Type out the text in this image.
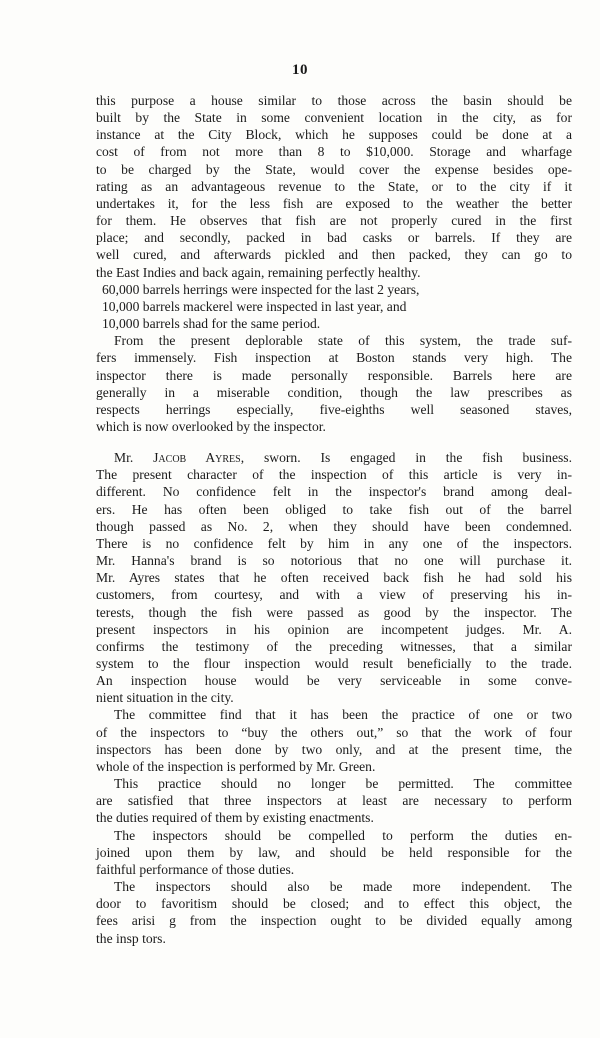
10
this purpose a house similar to those across the basin should be
built by the State in some convenient location in the city, as for
instance at the City Block, which he supposes could be done at a
cost of from not more than 8 to $10,000. Storage and wharfage
to be charged by the State, would cover the expense besides ope-
rating as an advantageous revenue to the State, or to the city if it
undertakes it, for the less fish are exposed to the weather the better
for them. He observes that fish are not properly cured in the first
place; and secondly, packed in bad casks or barrels. If they are
well cured, and afterwards pickled and then packed, they can go to
the East Indies and back again, remaining perfectly healthy.
60,000 barrels herrings were inspected for the last 2 years,
10,000 barrels mackerel were inspected in last year, and
10,000 barrels shad for the same period.
From the present deplorable state of this system, the trade suf-
fers immensely. Fish inspection at Boston stands very high. The
inspector there is made personally responsible. Barrels here are
generally in a miserable condition, though the law prescribes as
respects herrings especially, five-eighths well seasoned staves,
which is now overlooked by the inspector.
Mr. Jacob Ayres, sworn. Is engaged in the fish business.
The present character of the inspection of this article is very in-
different. No confidence felt in the inspector's brand among deal-
ers. He has often been obliged to take fish out of the barrel
though passed as No. 2, when they should have been condemned.
There is no confidence felt by him in any one of the inspectors.
Mr. Hanna's brand is so notorious that no one will purchase it.
Mr. Ayres states that he often received back fish he had sold his
customers, from courtesy, and with a view of preserving his in-
terests, though the fish were passed as good by the inspector. The
present inspectors in his opinion are incompetent judges. Mr. A.
confirms the testimony of the preceding witnesses, that a similar
system to the flour inspection would result beneficially to the trade.
An inspection house would be very serviceable in some conve-
nient situation in the city.
The committee find that it has been the practice of one or two
of the inspectors to “buy the others out,” so that the work of four
inspectors has been done by two only, and at the present time, the
whole of the inspection is performed by Mr. Green.
This practice should no longer be permitted. The committee
are satisfied that three inspectors at least are necessary to perform
the duties required of them by existing enactments.
The inspectors should be compelled to perform the duties en-
joined upon them by law, and should be held responsible for the
faithful performance of those duties.
The inspectors should also be made more independent. The
door to favoritism should be closed; and to effect this object, the
fees arisi g from the inspection ought to be divided equally among
the insp tors.
